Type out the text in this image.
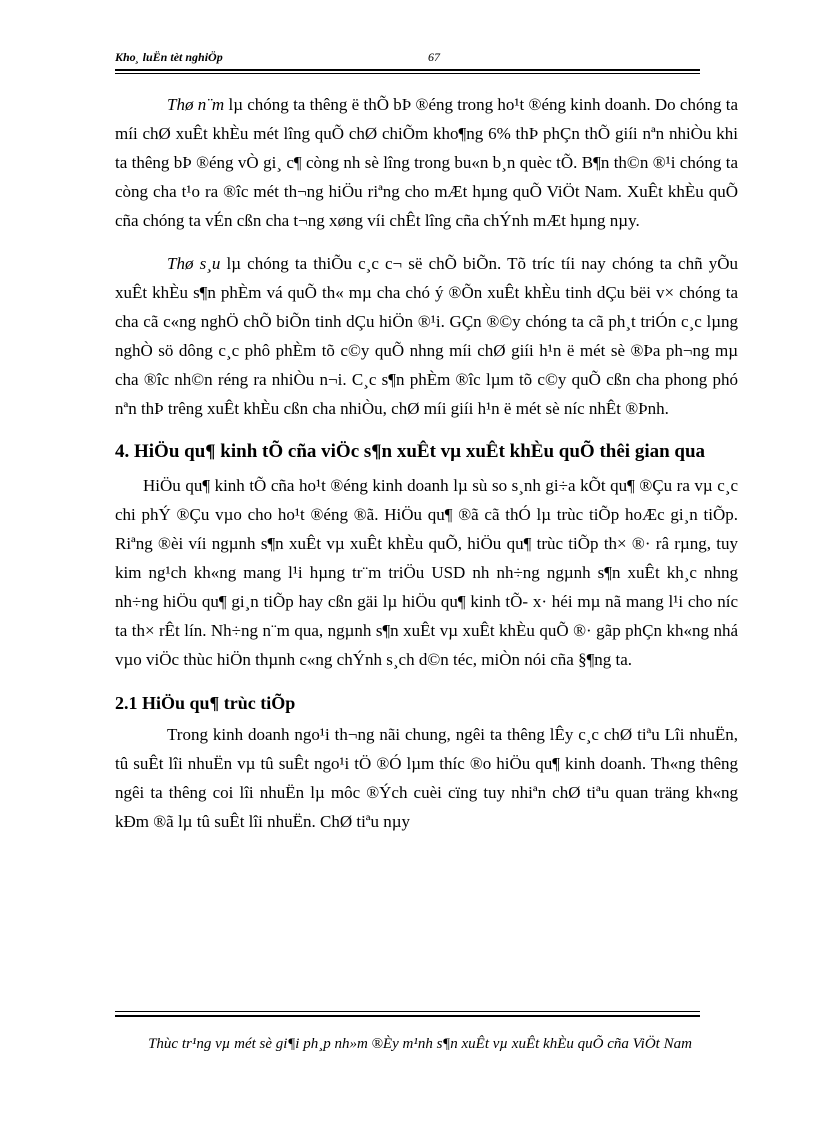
Kho¸ luËn tèt nghiÖp	67

Thø n¨m lµ chóng ta thêng ë thÕ bÞ ®éng trong ho¹t ®éng kinh doanh. Do chóng ta míi chØ xuÊt khÈu mét lîng quÕ chØ chiÕm kho¶ng 6% thÞ phÇn thÕ giíi nªn nhiÒu khi ta thêng bÞ ®éng vÒ gi¸ c¶ còng nh sè lîng trong bu«n b¸n quèc tÕ. B¶n th©n ®¹i chóng ta còng cha t¹o ra ®îc mét th¬ng hiÖu riªng cho mÆt hµng quÕ ViÖt Nam. XuÊt khÈu quÕ cña chóng ta vÉn cßn cha t¬ng xøng víi chÊt lîng cña chÝnh mÆt hµng nµy.

Thø s¸u lµ chóng ta thiÕu c¸c c¬ së chÕ biÕn. Tõ tríc tíi nay chóng ta chñ yÕu xuÊt khÈu s¶n phÈm vá quÕ th« mµ cha chó ý ®Õn xuÊt khÈu tinh dÇu bëi v× chóng ta cha cã c«ng nghÖ chÕ biÕn tinh dÇu hiÖn ®¹i. GÇn ®©y chóng ta cã ph¸t triÓn c¸c lµng nghÒ sö dông c¸c phô phÈm tõ c©y quÕ nhng míi chØ giíi h¹n ë mét sè ®Þa ph¬ng mµ cha ®îc nh©n réng ra nhiÒu n¬i. C¸c s¶n phÈm ®îc lµm tõ c©y quÕ cßn cha phong phó nªn thÞ trêng xuÊt khÈu cßn cha nhiÒu, chØ míi giíi h¹n ë mét sè níc nhÊt ®Þnh.

4. HiÖu qu¶ kinh tÕ cña viÖc s¶n xuÊt vµ xuÊt khÈu quÕ thêi gian qua

HiÖu qu¶ kinh tÕ cña ho¹t ®éng kinh doanh lµ sù so s¸nh gi÷a kÕt qu¶ ®Çu ra vµ c¸c chi phÝ ®Çu vµo cho ho¹t ®éng ®ã. HiÖu qu¶ ®ã cã thÓ lµ trùc tiÕp hoÆc gi¸n tiÕp. Riªng ®èi víi ngµnh s¶n xuÊt vµ xuÊt khÈu quÕ, hiÖu qu¶ trùc tiÕp th× ®· râ rµng, tuy kim ng¹ch kh«ng mang l¹i hµng tr¨m triÖu USD nh nh÷ng ngµnh s¶n xuÊt kh¸c nhng nh÷ng hiÖu qu¶ gi¸n tiÕp hay cßn gäi lµ hiÖu qu¶ kinh tÕ- x· héi mµ nã mang l¹i cho níc ta th× rÊt lín. Nh÷ng n¨m qua, ngµnh s¶n xuÊt vµ xuÊt khÈu quÕ ®· gãp phÇn kh«ng nhá vµo viÖc thùc hiÖn thµnh c«ng chÝnh s¸ch d©n téc, miÒn nói cña §¶ng ta.

2.1 HiÖu qu¶ trùc tiÕp

Trong kinh doanh ngo¹i th¬ng nãi chung, ngêi ta thêng lÊy c¸c chØ tiªu Lîi nhuËn, tû suÊt lîi nhuËn vµ tû suÊt ngo¹i tÖ ®Ó lµm thíc ®o hiÖu qu¶ kinh doanh. Th«ng thêng ngêi ta thêng coi lîi nhuËn lµ môc ®Ých cuèi cïng tuy nhiªn chØ tiªu quan träng kh«ng kÐm ®ã lµ tû suÊt lîi nhuËn. ChØ tiªu nµy

Thùc tr¹ng vµ mét sè gi¶i ph¸p nh»m ®Èy m¹nh s¶n xuÊt vµ xuÊt khÈu quÕ cña ViÖt Nam
